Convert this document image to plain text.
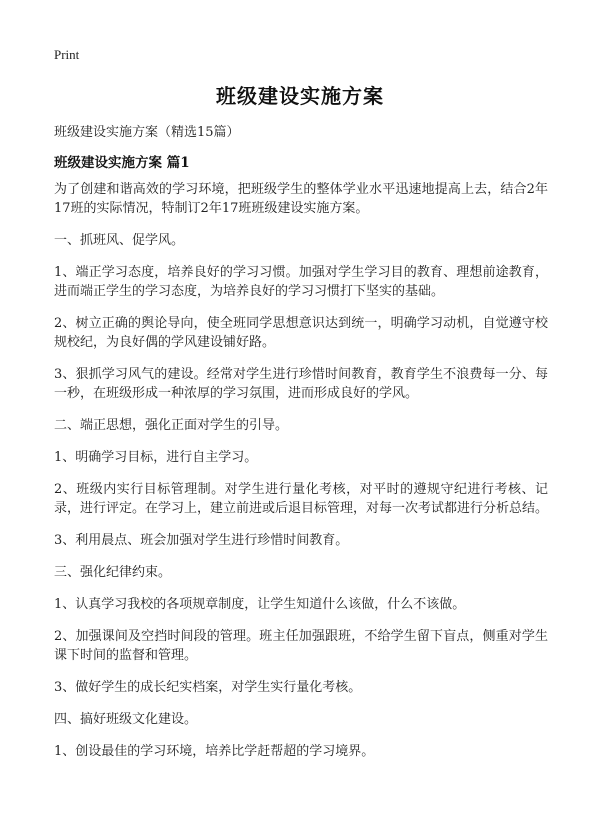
Print
班级建设实施方案
班级建设实施方案（精选15篇）
班级建设实施方案 篇1

为了创建和谐高效的学习环境，把班级学生的整体学业水平迅速地提高上去，结合2年17班的实际情况，特制订2年17班班级建设实施方案。

一、抓班风、促学风。

1、端正学习态度，培养良好的学习习惯。加强对学生学习目的教育、理想前途教育，进而端正学生的学习态度，为培养良好的学习习惯打下坚实的基础。

2、树立正确的舆论导向，使全班同学思想意识达到统一，明确学习动机，自觉遵守校规校纪，为良好偶的学风建设铺好路。

3、狠抓学习风气的建设。经常对学生进行珍惜时间教育，教育学生不浪费每一分、每一秒，在班级形成一种浓厚的学习氛围，进而形成良好的学风。

二、端正思想，强化正面对学生的引导。

1、明确学习目标，进行自主学习。

2、班级内实行目标管理制。对学生进行量化考核，对平时的遵规守纪进行考核、记录，进行评定。在学习上，建立前进或后退目标管理，对每一次考试都进行分析总结。

3、利用晨点、班会加强对学生进行珍惜时间教育。

三、强化纪律约束。

1、认真学习我校的各项规章制度，让学生知道什么该做，什么不该做。

2、加强课间及空挡时间段的管理。班主任加强跟班，不给学生留下盲点，侧重对学生课下时间的监督和管理。

3、做好学生的成长纪实档案，对学生实行量化考核。

四、搞好班级文化建设。

1、创设最佳的学习环境，培养比学赶帮超的学习境界。
